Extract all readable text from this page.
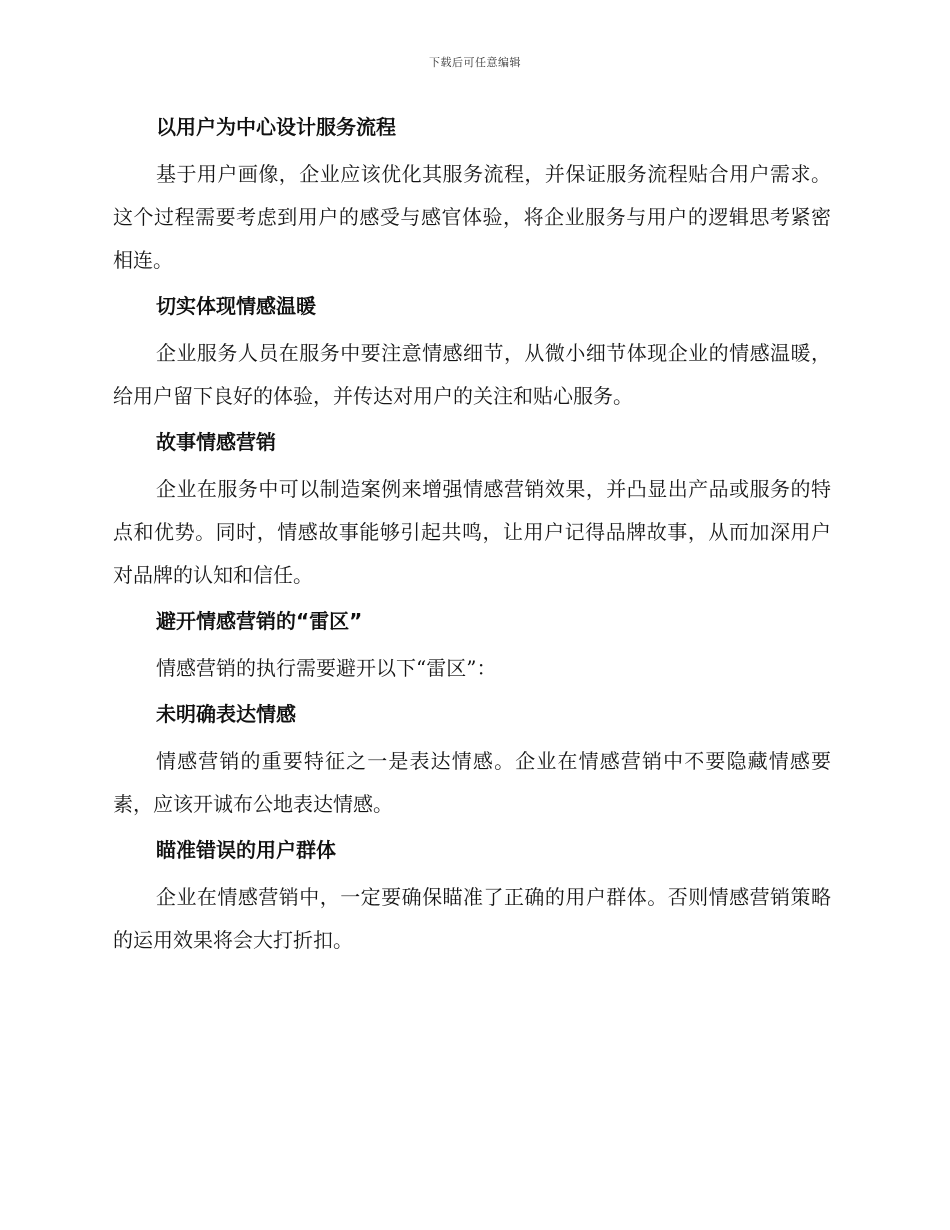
下载后可任意编辑
以用户为中心设计服务流程

基于用户画像，企业应该优化其服务流程，并保证服务流程贴合用户需求。这个过程需要考虑到用户的感受与感官体验，将企业服务与用户的逻辑思考紧密相连。

切实体现情感温暖

企业服务人员在服务中要注意情感细节，从微小细节体现企业的情感温暖，给用户留下良好的体验，并传达对用户的关注和贴心服务。

故事情感营销

企业在服务中可以制造案例来增强情感营销效果，并凸显出产品或服务的特点和优势。同时，情感故事能够引起共鸣，让用户记得品牌故事，从而加深用户对品牌的认知和信任。

避开情感营销的“雷区”

情感营销的执行需要避开以下“雷区”：

未明确表达情感

情感营销的重要特征之一是表达情感。企业在情感营销中不要隐藏情感要素，应该开诚布公地表达情感。

瞄准错误的用户群体

企业在情感营销中，一定要确保瞄准了正确的用户群体。否则情感营销策略的运用效果将会大打折扣。
